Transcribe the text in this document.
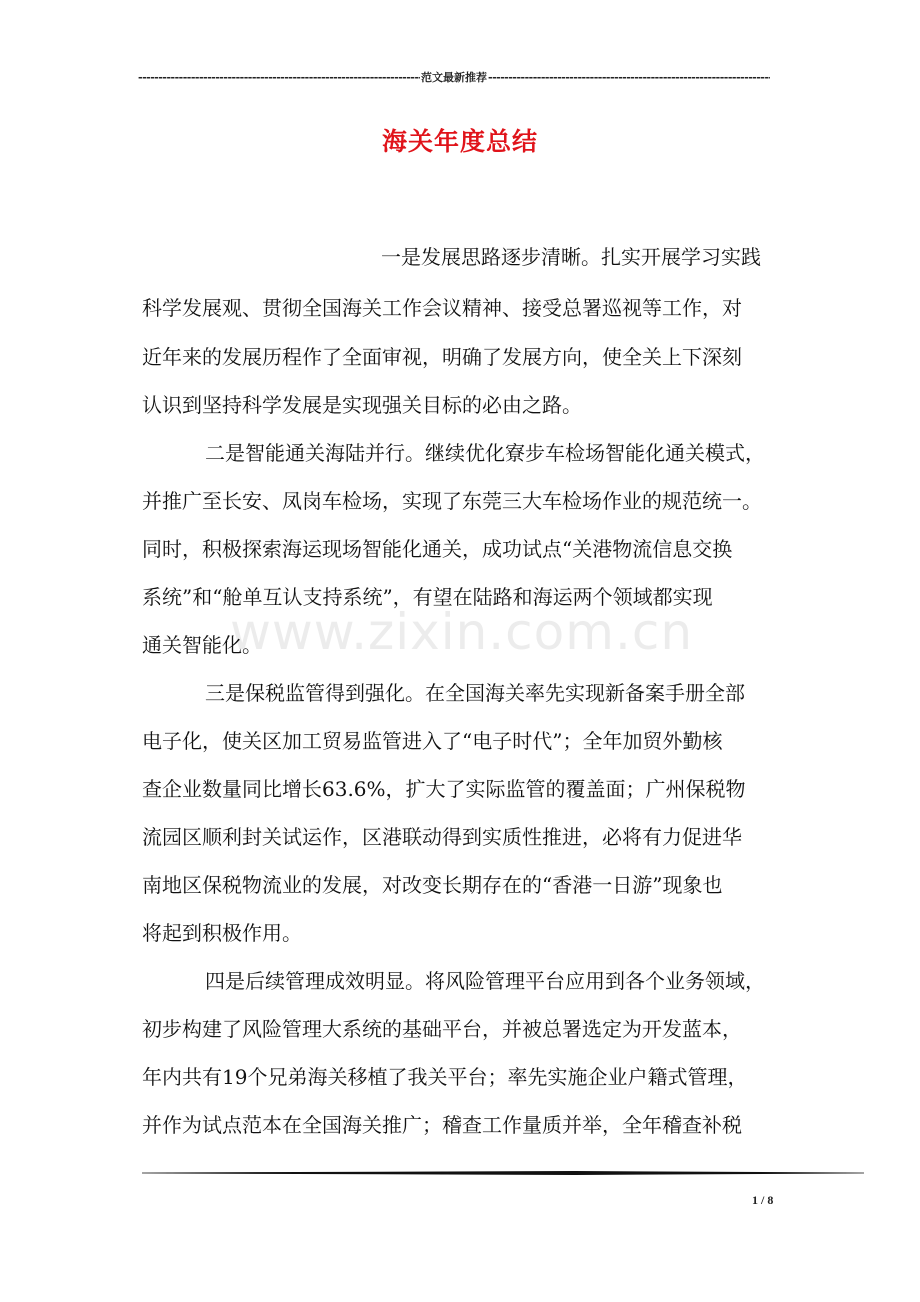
-----
范文最新推荐
-----
海关年度总结
www.zixin.com.cn
一是发展思路逐步清晰。扎实开展学习实践
科学发展观、贯彻全国海关工作会议精神、接受总署巡视等工作，对
近年来的发展历程作了全面审视，明确了发展方向，使全关上下深刻
认识到坚持科学发展是实现强关目标的必由之路。
二是智能通关海陆并行。继续优化寮步车检场智能化通关模式，
并推广至长安、凤岗车检场，实现了东莞三大车检场作业的规范统一。
同时，积极探索海运现场智能化通关，成功试点“关港物流信息交换
系统”和“舱单互认支持系统”，有望在陆路和海运两个领域都实现
通关智能化。
三是保税监管得到强化。在全国海关率先实现新备案手册全部
电子化，使关区加工贸易监管进入了“电子时代”；全年加贸外勤核
查企业数量同比增长63.6%，扩大了实际监管的覆盖面；广州保税物
流园区顺利封关试运作，区港联动得到实质性推进，必将有力促进华
南地区保税物流业的发展，对改变长期存在的“香港一日游”现象也
将起到积极作用。
四是后续管理成效明显。将风险管理平台应用到各个业务领域，
初步构建了风险管理大系统的基础平台，并被总署选定为开发蓝本，
年内共有19个兄弟海关移植了我关平台；率先实施企业户籍式管理，
并作为试点范本在全国海关推广；稽查工作量质并举，全年稽查补税
1 / 8
